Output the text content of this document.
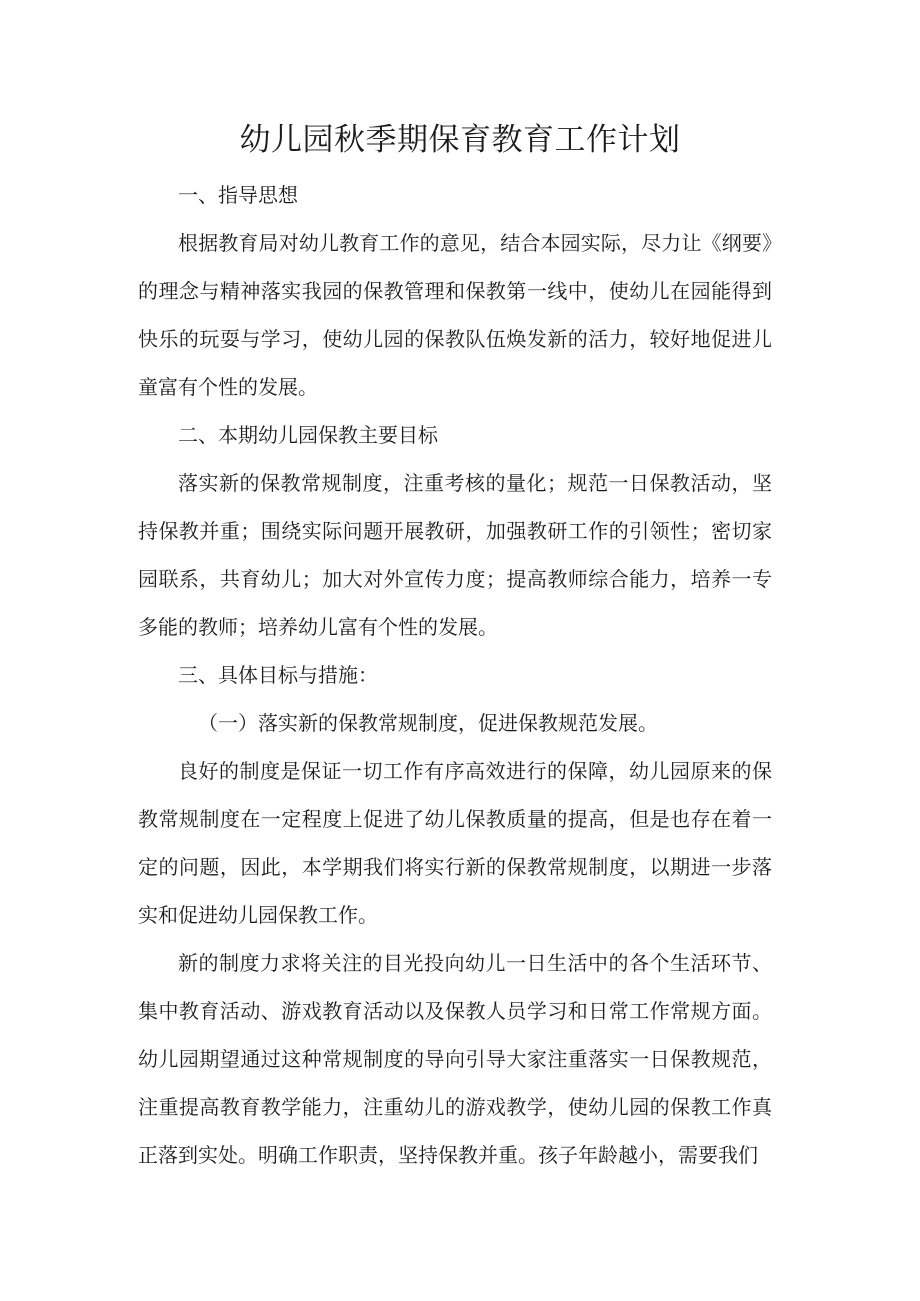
幼儿园秋季期保育教育工作计划

一、指导思想

根据教育局对幼儿教育工作的意见，结合本园实际，尽力让《纲要》的理念与精神落实我园的保教管理和保教第一线中，使幼儿在园能得到快乐的玩耍与学习，使幼儿园的保教队伍焕发新的活力，较好地促进儿童富有个性的发展。

二、本期幼儿园保教主要目标

落实新的保教常规制度，注重考核的量化；规范一日保教活动，坚持保教并重；围绕实际问题开展教研，加强教研工作的引领性；密切家园联系，共育幼儿；加大对外宣传力度；提高教师综合能力，培养一专多能的教师；培养幼儿富有个性的发展。

三、具体目标与措施：

（一）落实新的保教常规制度，促进保教规范发展。

良好的制度是保证一切工作有序高效进行的保障，幼儿园原来的保教常规制度在一定程度上促进了幼儿保教质量的提高，但是也存在着一定的问题，因此，本学期我们将实行新的保教常规制度，以期进一步落实和促进幼儿园保教工作。

新的制度力求将关注的目光投向幼儿一日生活中的各个生活环节、集中教育活动、游戏教育活动以及保教人员学习和日常工作常规方面。幼儿园期望通过这种常规制度的导向引导大家注重落实一日保教规范，注重提高教育教学能力，注重幼儿的游戏教学，使幼儿园的保教工作真正落到实处。明确工作职责，坚持保教并重。孩子年龄越小，需要我们
